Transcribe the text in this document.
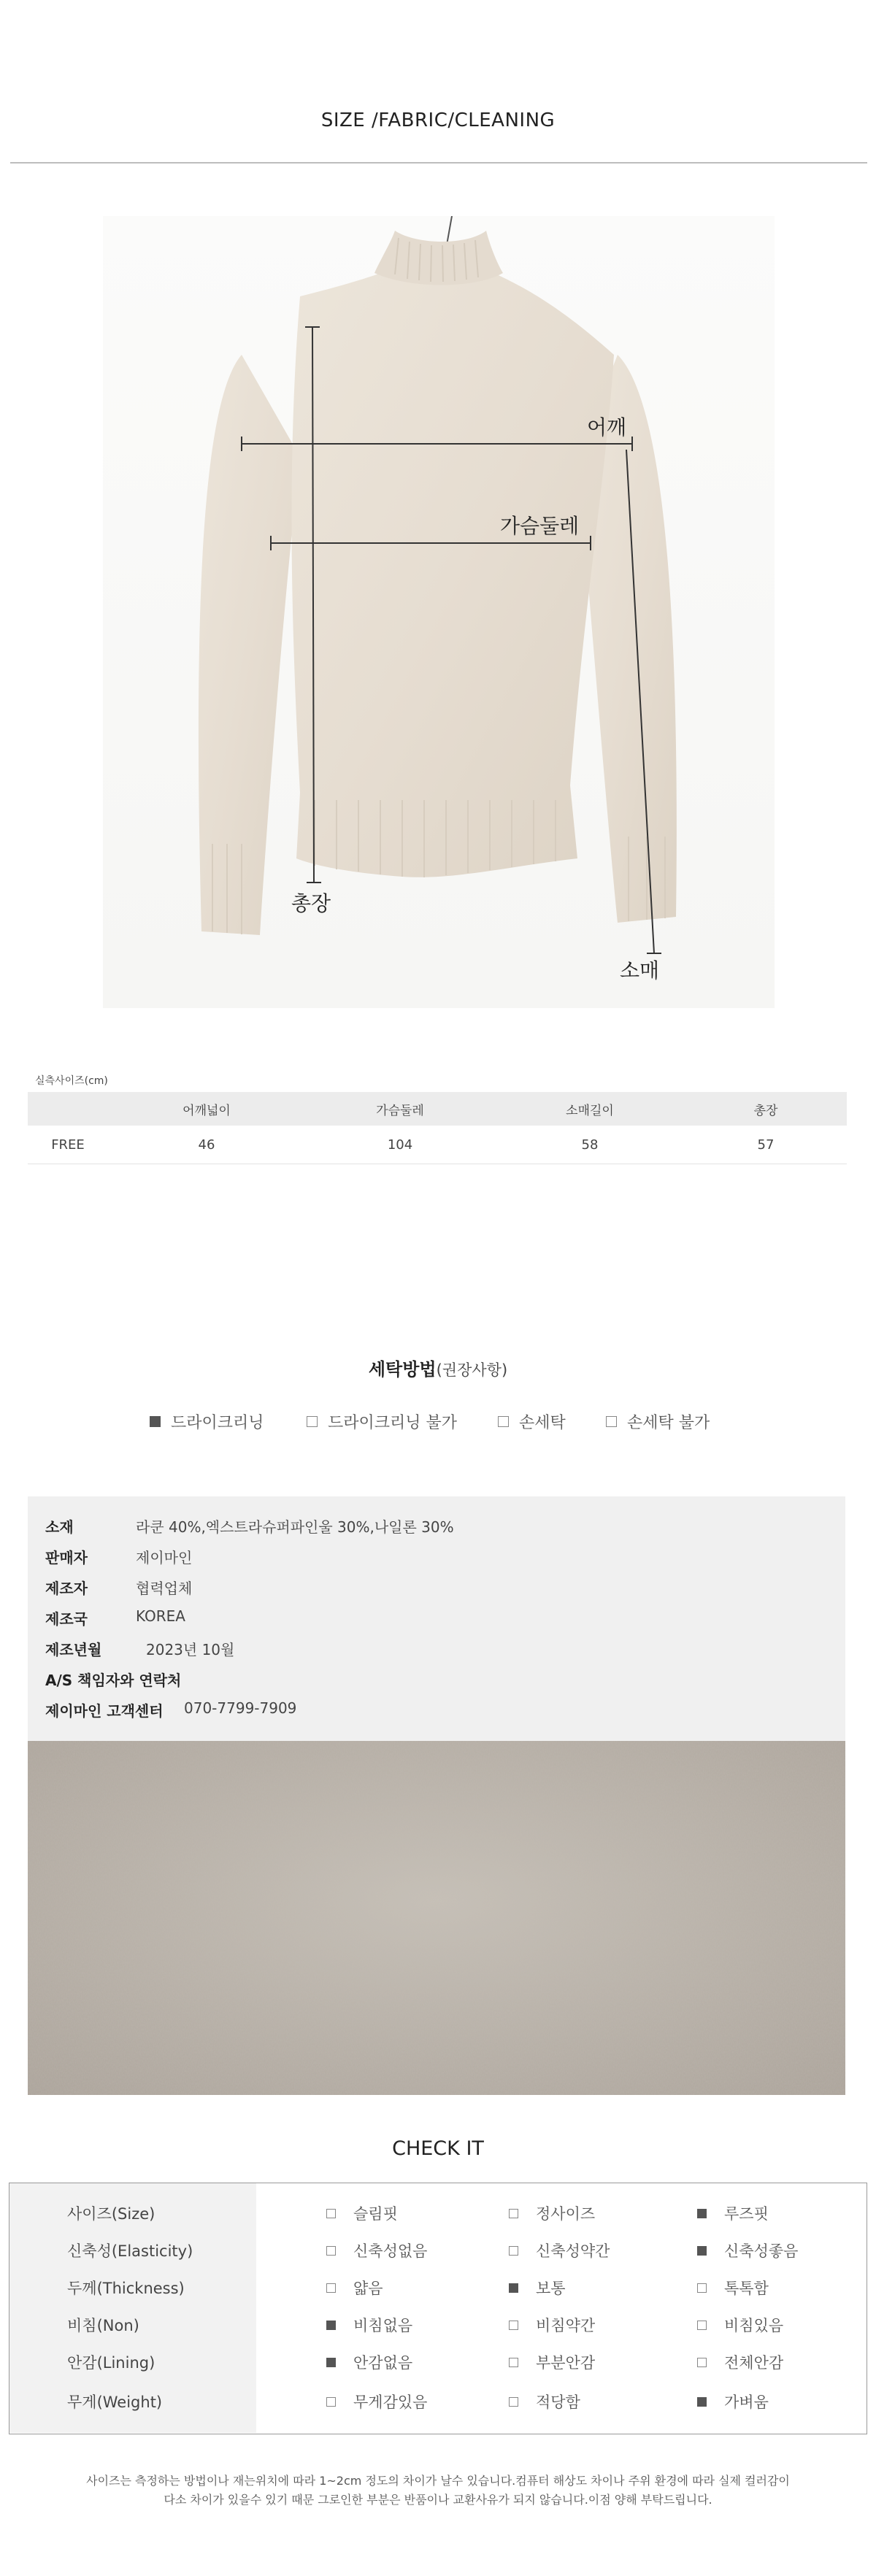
SIZE /FABRIC/CLEANING
어깨
가슴둘레
총장
소매
실측사이즈(cm)
	어깨넓이	가슴둘레	소매길이	총장
FREE	46	104	58	57
세탁방법(권장사항)
드라이크리닝	드라이크리닝 불가	손세탁	손세탁 불가
소재	라쿤 40%,엑스트라슈퍼파인울 30%,나일론 30%
판매자	제이마인
제조자	협력업체
제조국	KOREA
제조년월	2023년 10월
A/S 책임자와 연락처
제이마인 고객센터	070-7799-7909
CHECK IT
사이즈(Size)	슬림핏	정사이즈	루즈핏
신축성(Elasticity)	신축성없음	신축성약간	신축성좋음
두께(Thickness)	얇음	보통	톡톡함
비침(Non)	비침없음	비침약간	비침있음
안감(Lining)	안감없음	부분안감	전체안감
무게(Weight)	무게감있음	적당함	가벼움
사이즈는 측정하는 방법이나 재는위치에 따라 1~2cm 정도의 차이가 날수 있습니다.컴퓨터 해상도 차이나 주위 환경에 따라 실제 컬러감이
다소 차이가 있을수 있기 때문 그로인한 부분은 반품이나 교환사유가 되지 않습니다.이점 양해 부탁드립니다.
